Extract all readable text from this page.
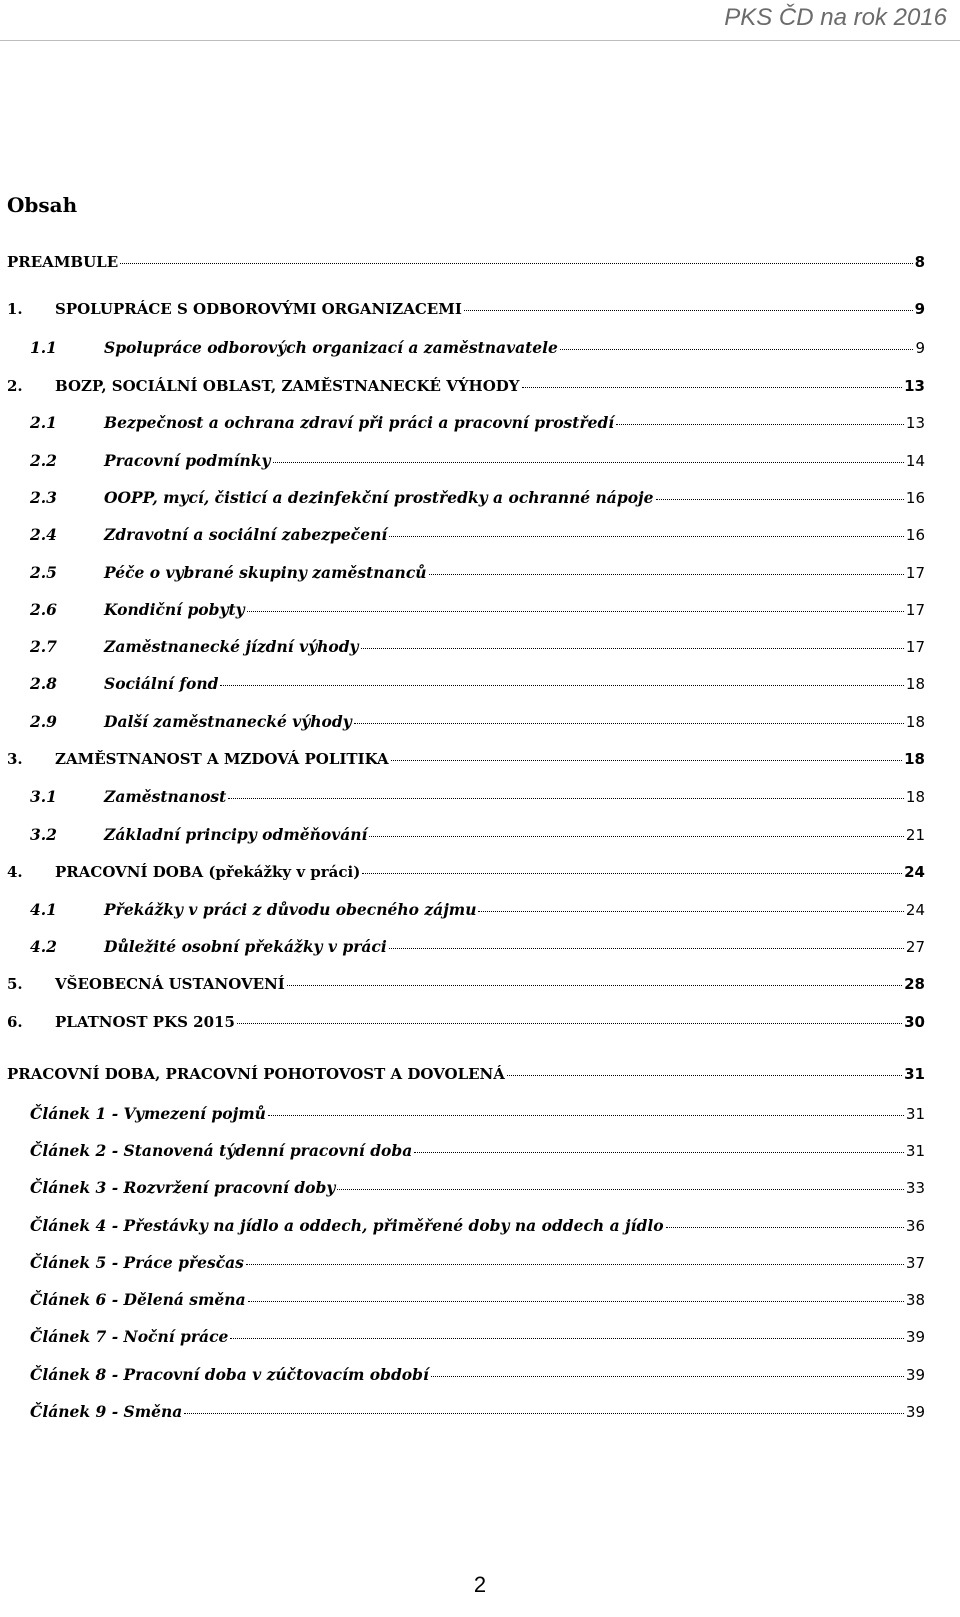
PKS ČD na rok 2016
Obsah
PREAMBULE	8
1.	SPOLUPRÁCE S ODBOROVÝMI ORGANIZACEMI	9
1.1	Spolupráce odborových organizací a zaměstnavatele	9
2.	BOZP, SOCIÁLNÍ OBLAST, ZAMĚSTNANECKÉ VÝHODY	13
2.1	Bezpečnost a ochrana zdraví při práci a pracovní prostředí	13
2.2	Pracovní podmínky	14
2.3	OOPP, mycí, čisticí a dezinfekční prostředky a ochranné nápoje	16
2.4	Zdravotní a sociální zabezpečení	16
2.5	Péče o vybrané skupiny zaměstnanců	17
2.6	Kondiční pobyty	17
2.7	Zaměstnanecké jízdní výhody	17
2.8	Sociální fond	18
2.9	Další zaměstnanecké výhody	18
3.	ZAMĚSTNANOST A MZDOVÁ POLITIKA	18
3.1	Zaměstnanost	18
3.2	Základní principy odměňování	21
4.	PRACOVNÍ DOBA (překážky v práci)	24
4.1	Překážky v práci z důvodu obecného zájmu	24
4.2	Důležité osobní překážky v práci	27
5.	VŠEOBECNÁ USTANOVENÍ	28
6.	PLATNOST PKS 2015	30
PRACOVNÍ DOBA, PRACOVNÍ POHOTOVOST A DOVOLENÁ	31
Článek 1 - Vymezení pojmů	31
Článek 2 - Stanovená týdenní pracovní doba	31
Článek 3 - Rozvržení pracovní doby	33
Článek 4 - Přestávky na jídlo a oddech, přiměřené doby na oddech a jídlo	36
Článek 5 - Práce přesčas	37
Článek 6 - Dělená směna	38
Článek 7 - Noční práce	39
Článek 8 - Pracovní doba v zúčtovacím období	39
Článek 9 - Směna	39
2
